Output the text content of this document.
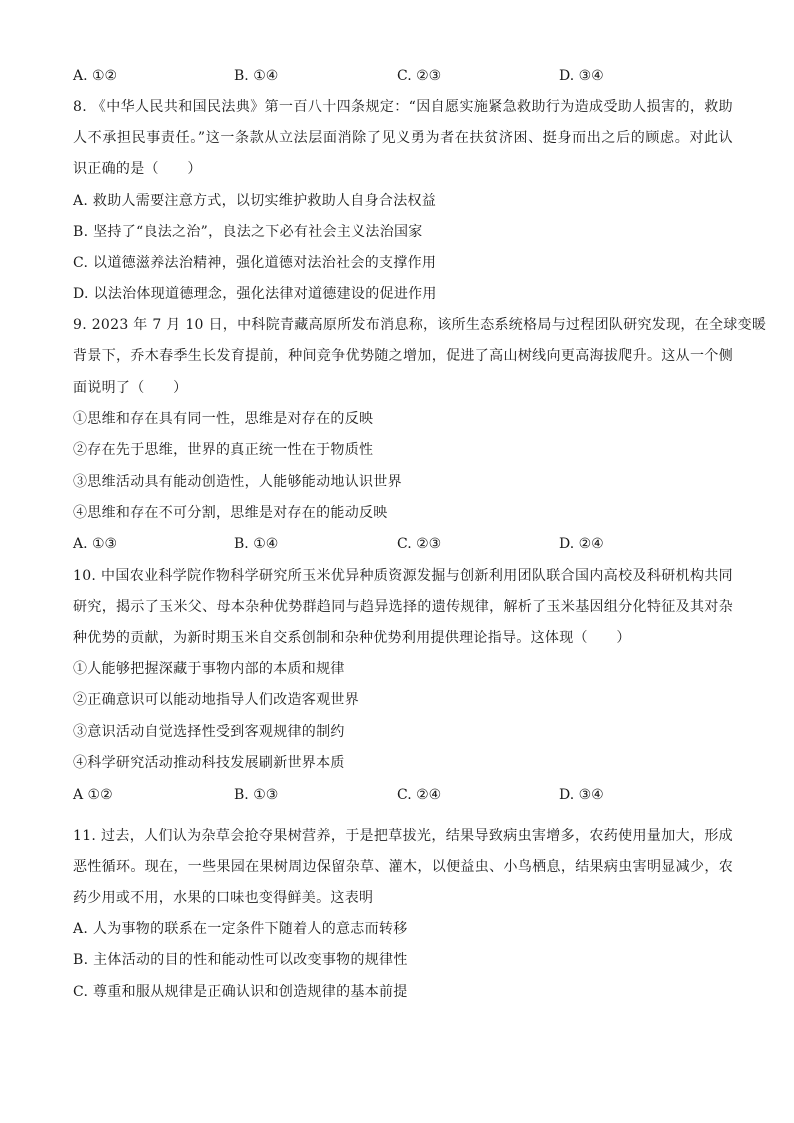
A. ①②	B. ①④	C. ②③	D. ③④
8. 《中华人民共和国民法典》第一百八十四条规定：“因自愿实施紧急救助行为造成受助人损害的，救助
人不承担民事责任。”这一条款从立法层面消除了见义勇为者在扶贫济困、挺身而出之后的顾虑。对此认
识正确的是（　　）
A. 救助人需要注意方式，以切实维护救助人自身合法权益
B. 坚持了“良法之治”，良法之下必有社会主义法治国家
C. 以道德滋养法治精神，强化道德对法治社会的支撑作用
D. 以法治体现道德理念，强化法律对道德建设的促进作用
9. 2023 年 7 月 10 日，中科院青藏高原所发布消息称，该所生态系统格局与过程团队研究发现，在全球变暖
背景下，乔木春季生长发育提前，种间竞争优势随之增加，促进了高山树线向更高海拔爬升。这从一个侧
面说明了（　　）
①思维和存在具有同一性，思维是对存在的反映
②存在先于思维，世界的真正统一性在于物质性
③思维活动具有能动创造性，人能够能动地认识世界
④思维和存在不可分割，思维是对存在的能动反映
A. ①③	B. ①④	C. ②③	D. ②④
10. 中国农业科学院作物科学研究所玉米优异种质资源发掘与创新利用团队联合国内高校及科研机构共同
研究，揭示了玉米父、母本杂种优势群趋同与趋异选择的遗传规律，解析了玉米基因组分化特征及其对杂
种优势的贡献，为新时期玉米自交系创制和杂种优势利用提供理论指导。这体现（　　）
①人能够把握深藏于事物内部的本质和规律
②正确意识可以能动地指导人们改造客观世界
③意识活动自觉选择性受到客观规律的制约
④科学研究活动推动科技发展刷新世界本质
A ①②	B. ①③	C. ②④	D. ③④
11. 过去，人们认为杂草会抢夺果树营养，于是把草拔光，结果导致病虫害增多，农药使用量加大，形成
恶性循环。现在，一些果园在果树周边保留杂草、灌木，以便益虫、小鸟栖息，结果病虫害明显减少，农
药少用或不用，水果的口味也变得鲜美。这表明
A. 人为事物的联系在一定条件下随着人的意志而转移
B. 主体活动的目的性和能动性可以改变事物的规律性
C. 尊重和服从规律是正确认识和创造规律的基本前提
